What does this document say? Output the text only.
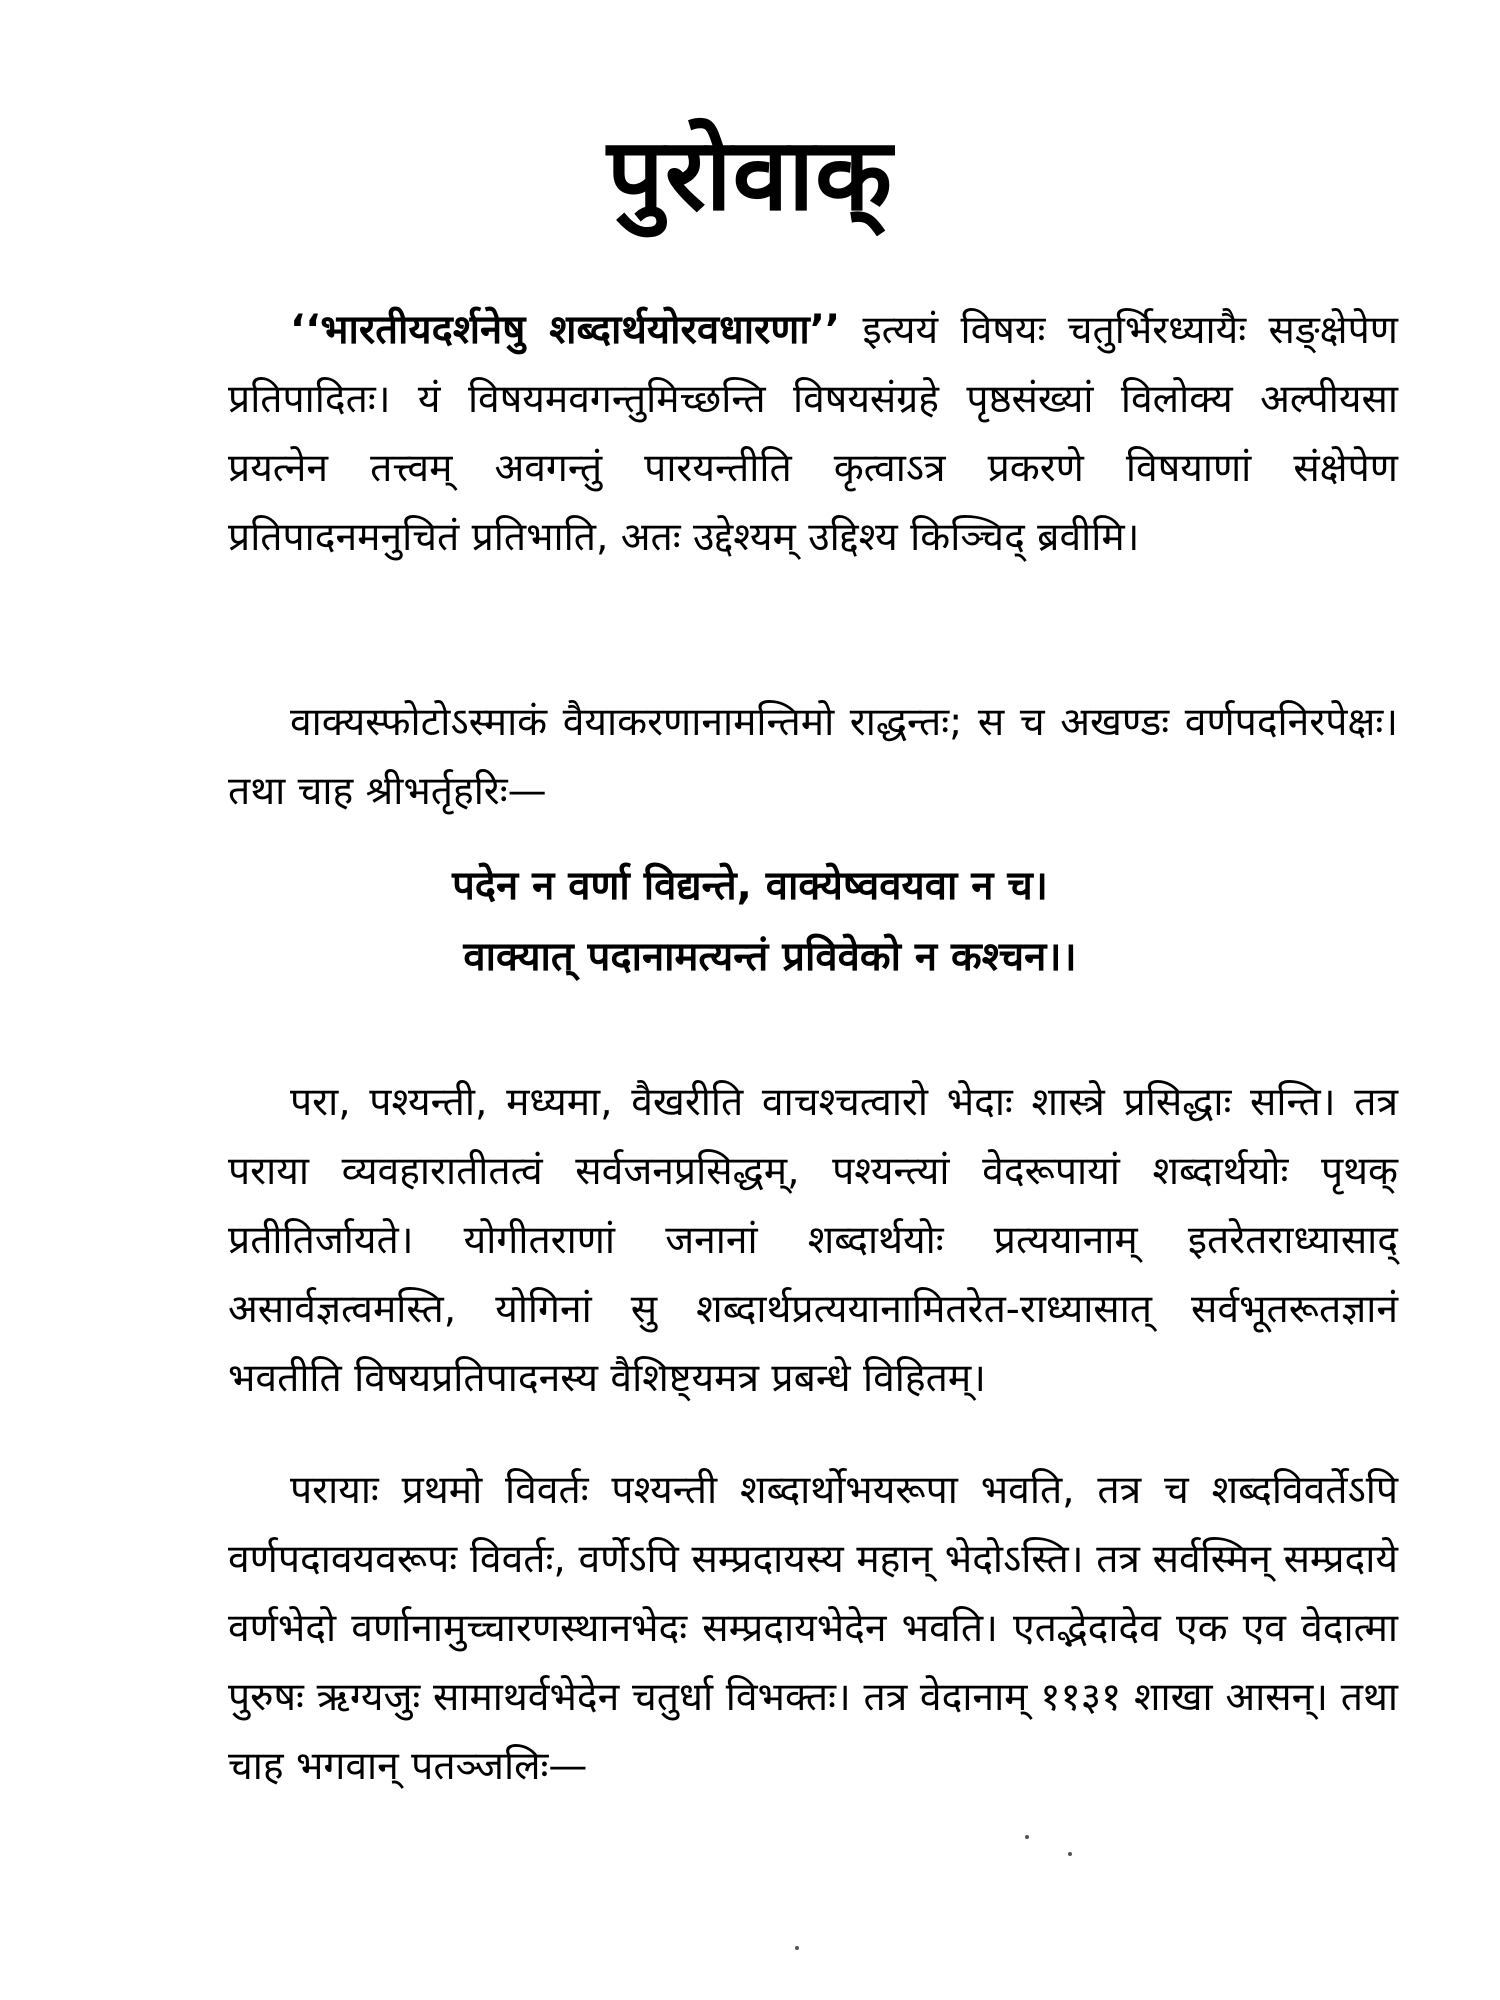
पुरोवाक्
‘‘भारतीयदर्शनेषु शब्दार्थयोरवधारणा’’ इत्ययं विषयः चतुर्भिरध्यायैः सङ्क्षेपेण प्रतिपादितः। यं विषयमवगन्तुमिच्छन्ति विषयसंग्रहे पृष्ठसंख्यां विलोक्य अल्पीयसा प्रयत्नेन तत्त्वम् अवगन्तुं पारयन्तीति कृत्वाऽत्र प्रकरणे विषयाणां संक्षेपेण प्रतिपादनमनुचितं प्रतिभाति, अतः उद्देश्यम् उद्दिश्य किञ्चिद् ब्रवीमि।
वाक्यस्फोटोऽस्माकं वैयाकरणानामन्तिमो राद्धन्तः; स च अखण्डः वर्णपदनिरपेक्षः। तथा चाह श्रीभर्तृहरिः—
पदेन न वर्णा विद्यन्ते, वाक्येष्ववयवा न च।
वाक्यात् पदानामत्यन्तं प्रविवेको न कश्चन।।
परा, पश्यन्ती, मध्यमा, वैखरीति वाचश्चत्वारो भेदाः शास्त्रे प्रसिद्धाः सन्ति। तत्र पराया व्यवहारातीतत्वं सर्वजनप्रसिद्धम्, पश्यन्त्यां वेदरूपायां शब्दार्थयोः पृथक् प्रतीतिर्जायते। योगीतराणां जनानां शब्दार्थयोः प्रत्ययानाम् इतरेतराध्यासाद् असार्वज्ञत्वमस्ति, योगिनां सु शब्दार्थप्रत्ययानामितरेत-राध्यासात् सर्वभूतरूतज्ञानं भवतीति विषयप्रतिपादनस्य वैशिष्ट्यमत्र प्रबन्धे विहितम्।
परायाः प्रथमो विवर्तः पश्यन्ती शब्दार्थोभयरूपा भवति, तत्र च शब्दविवर्तेऽपि वर्णपदावयवरूपः विवर्तः, वर्णेऽपि सम्प्रदायस्य महान् भेदोऽस्ति। तत्र सर्वस्मिन् सम्प्रदाये वर्णभेदो वर्णानामुच्चारणस्थानभेदः सम्प्रदायभेदेन भवति। एतद्भेदादेव एक एव वेदात्मा पुरुषः ऋग्यजुः सामाथर्वभेदेन चतुर्धा विभक्तः। तत्र वेदानाम् ११३१ शाखा आसन्। तथा चाह भगवान् पतञ्जलिः—
